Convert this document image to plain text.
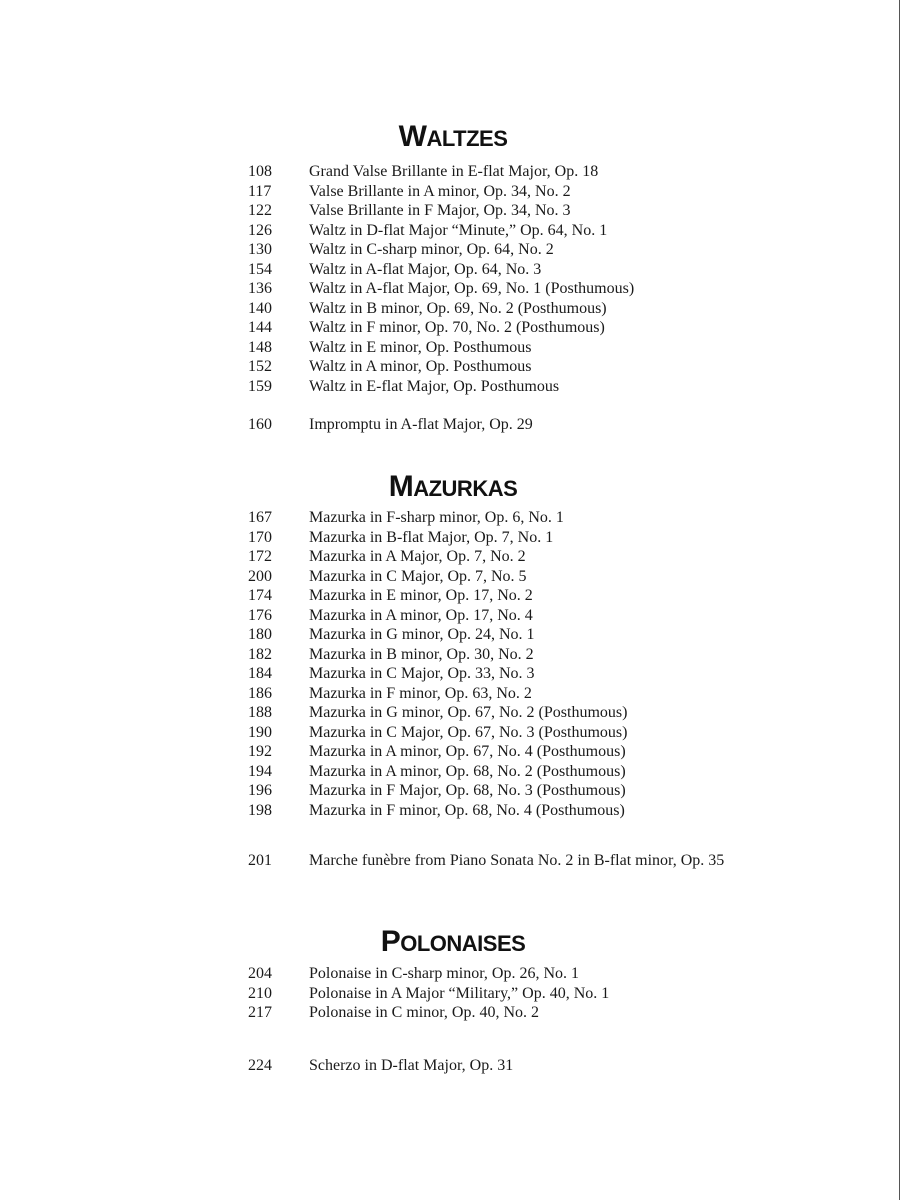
WALTZES
108	Grand Valse Brillante in E-flat Major, Op. 18
117	Valse Brillante in A minor, Op. 34, No. 2
122	Valse Brillante in F Major, Op. 34, No. 3
126	Waltz in D-flat Major “Minute,” Op. 64, No. 1
130	Waltz in C-sharp minor, Op. 64, No. 2
154	Waltz in A-flat Major, Op. 64, No. 3
136	Waltz in A-flat Major, Op. 69, No. 1 (Posthumous)
140	Waltz in B minor, Op. 69, No. 2 (Posthumous)
144	Waltz in F minor, Op. 70, No. 2 (Posthumous)
148	Waltz in E minor, Op. Posthumous
152	Waltz in A minor, Op. Posthumous
159	Waltz in E-flat Major, Op. Posthumous
160 Impromptu in A-flat Major, Op. 29
MAZURKAS
167	Mazurka in F-sharp minor, Op. 6, No. 1
170	Mazurka in B-flat Major, Op. 7, No. 1
172	Mazurka in A Major, Op. 7, No. 2
200	Mazurka in C Major, Op. 7, No. 5
174	Mazurka in E minor, Op. 17, No. 2
176	Mazurka in A minor, Op. 17, No. 4
180	Mazurka in G minor, Op. 24, No. 1
182	Mazurka in B minor, Op. 30, No. 2
184	Mazurka in C Major, Op. 33, No. 3
186	Mazurka in F minor, Op. 63, No. 2
188	Mazurka in G minor, Op. 67, No. 2 (Posthumous)
190	Mazurka in C Major, Op. 67, No. 3 (Posthumous)
192	Mazurka in A minor, Op. 67, No. 4 (Posthumous)
194	Mazurka in A minor, Op. 68, No. 2 (Posthumous)
196	Mazurka in F Major, Op. 68, No. 3 (Posthumous)
198	Mazurka in F minor, Op. 68, No. 4 (Posthumous)
201 Marche funèbre from Piano Sonata No. 2 in B-flat minor, Op. 35
POLONAISES
204	Polonaise in C-sharp minor, Op. 26, No. 1
210	Polonaise in A Major “Military,” Op. 40, No. 1
217	Polonaise in C minor, Op. 40, No. 2
224 Scherzo in D-flat Major, Op. 31
